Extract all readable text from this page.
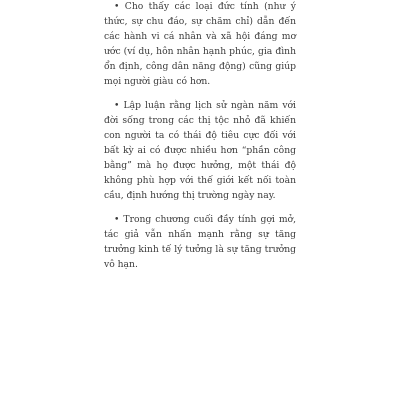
• Cho thấy các loại đức tính (như ý thức, sự chu đáo, sự chăm chỉ) dẫn đến các hành vi cá nhân và xã hội đáng mơ ước (ví dụ, hôn nhân hạnh phúc, gia đình ổn định, công dân năng động) cũng giúp mọi người giàu có hơn.

• Lập luận rằng lịch sử ngàn năm với đời sống trong các thị tộc nhỏ đã khiến con người ta có thái độ tiêu cực đối với bất kỳ ai có được nhiều hơn “phần công bằng” mà họ được hưởng, một thái độ không phù hợp với thế giới kết nối toàn cầu, định hướng thị trường ngày nay.

• Trong chương cuối đầy tính gợi mở, tác giả vẫn nhấn mạnh rằng sự tăng trưởng kinh tế lý tưởng là sự tăng trưởng vô hạn.
